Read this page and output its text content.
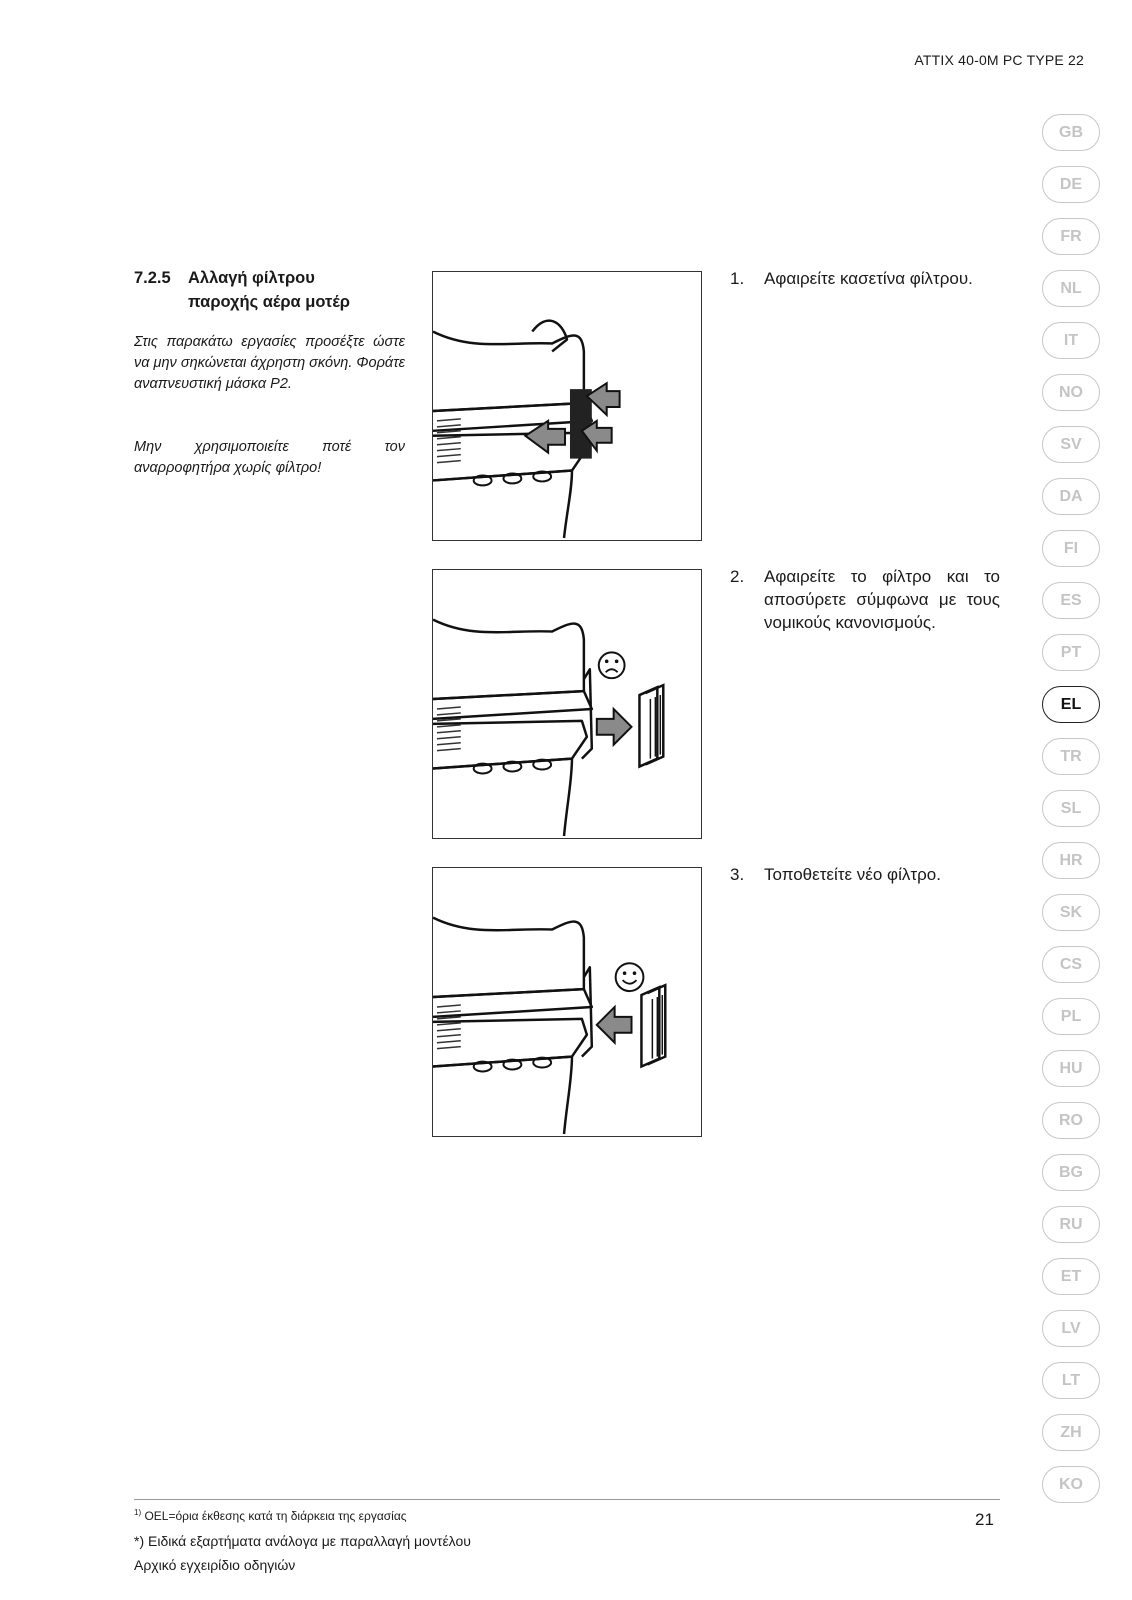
ATTIX 40-0M PC TYPE 22
GB
DE
FR
NL
IT
NO
SV
DA
FI
ES
PT
EL
TR
SL
HR
SK
CS
PL
HU
RO
BG
RU
ET
LV
LT
ZH
KO
7.2.5 Αλλαγή φίλτρου
παροχής αέρα μοτέρ

Στις παρακάτω εργασίες προσέξτε ώστε να μην σηκώνεται άχρηστη σκόνη. Φοράτε αναπνευστική μάσκα P2.

Μην χρησιμοποιείτε ποτέ τον αναρροφητήρα χωρίς φίλτρο!

1.	Αφαιρείτε κασετίνα φίλτρου.
2.	Αφαιρείτε το φίλτρο και το αποσύρετε σύμφωνα με τους νομικούς κανονισμούς.
3.	Τοποθετείτε νέο φίλτρο.
$^{1)}$ OEL=όρια έκθεσης κατά τη διάρκεια της εργασίας	21
*) Ειδικά εξαρτήματα ανάλογα με παραλλαγή μοντέλου
Αρχικό εγχειρίδιο οδηγιών
